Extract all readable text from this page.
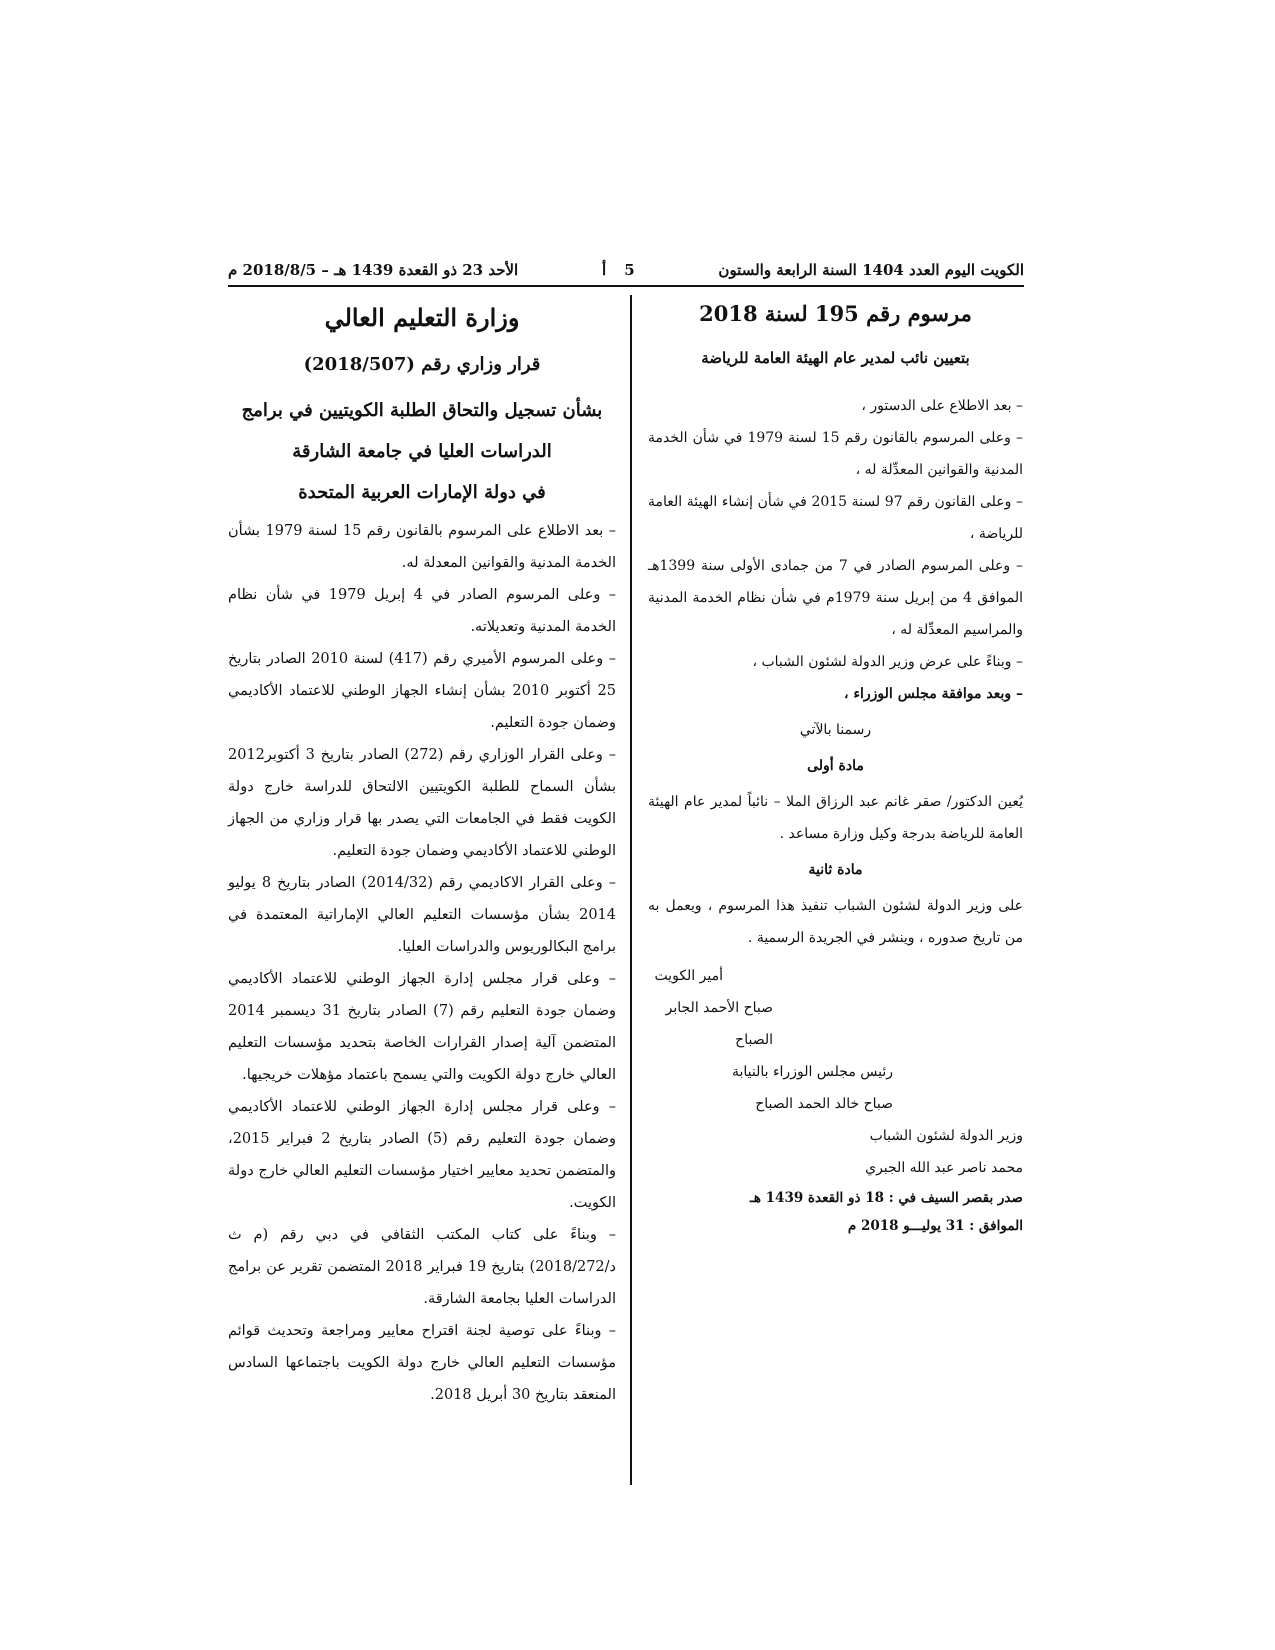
الكويت اليوم العدد 1404 السنة الرابعة والستون
5
أ
الأحد 23 ذو القعدة 1439 هـ – 2018/8/5 م

مرسوم رقم 195 لسنة 2018

بتعيين نائب لمدير عام الهيئة العامة للرياضة

– بعد الاطلاع على الدستور ،

– وعلى المرسوم بالقانون رقم 15 لسنة 1979 في شأن الخدمة المدنية والقوانين المعدِّلة له ،

– وعلى القانون رقم 97 لسنة 2015 في شأن إنشاء الهيئة العامة للرياضة ،

– وعلى المرسوم الصادر في 7 من جمادى الأولى سنة 1399هـ الموافق 4 من إبريل سنة 1979م في شأن نظام الخدمة المدنية والمراسيم المعدِّلة له ،

– وبناءً على عرض وزير الدولة لشئون الشباب ،

– وبعد موافقة مجلس الوزراء ،

رسمنا بالآتي

مادة أولى

يُعين الدكتور/ صقر غانم عبد الرزاق الملا – نائباً لمدير عام الهيئة العامة للرياضة بدرجة وكيل وزارة مساعد .

مادة ثانية

على وزير الدولة لشئون الشباب تنفيذ هذا المرسوم ، ويعمل به من تاريخ صدوره ، وينشر في الجريدة الرسمية .

أمير الكويت

صباح الأحمد الجابر الصباح

رئيس مجلس الوزراء بالنيابة

صباح خالد الحمد الصباح

وزير الدولة لشئون الشباب

محمد ناصر عبد الله الجبري

صدر بقصر السيف في : 18 ذو القعدة 1439 هـ

الموافق : 31 يوليـــو 2018 م

وزارة التعليم العالي

قرار وزاري رقم (2018/507)

بشأن تسجيل والتحاق الطلبة الكويتيين في برامج

الدراسات العليا في جامعة الشارقة

في دولة الإمارات العربية المتحدة

– بعد الاطلاع على المرسوم بالقانون رقم 15 لسنة 1979 بشأن الخدمة المدنية والقوانين المعدلة له.

– وعلى المرسوم الصادر في 4 إبريل 1979 في شأن نظام الخدمة المدنية وتعديلاته.

– وعلى المرسوم الأميري رقم (417) لسنة 2010 الصادر بتاريخ 25 أكتوبر 2010 بشأن إنشاء الجهاز الوطني للاعتماد الأكاديمي وضمان جودة التعليم.

– وعلى القرار الوزاري رقم (272) الصادر بتاريخ 3 أكتوبر2012 بشأن السماح للطلبة الكويتيين الالتحاق للدراسة خارج دولة الكويت فقط في الجامعات التي يصدر بها قرار وزاري من الجهاز الوطني للاعتماد الأكاديمي وضمان جودة التعليم.

– وعلى القرار الاكاديمي رقم (2014/32) الصادر بتاريخ 8 يوليو 2014 بشأن مؤسسات التعليم العالي الإماراتية المعتمدة في برامج البكالوريوس والدراسات العليا.

– وعلى قرار مجلس إدارة الجهاز الوطني للاعتماد الأكاديمي وضمان جودة التعليم رقم (7) الصادر بتاريخ 31 ديسمبر 2014 المتضمن آلية إصدار القرارات الخاصة بتحديد مؤسسات التعليم العالي خارج دولة الكويت والتي يسمح باعتماد مؤهلات خريجيها.

– وعلى قرار مجلس إدارة الجهاز الوطني للاعتماد الأكاديمي وضمان جودة التعليم رقم (5) الصادر بتاريخ 2 فبراير 2015، والمتضمن تحديد معايير اختيار مؤسسات التعليم العالي خارج دولة الكويت.

– وبناءً على كتاب المكتب الثقافي في دبي رقم (م ث د/2018/272) بتاريخ 19 فبراير 2018 المتضمن تقرير عن برامج الدراسات العليا بجامعة الشارقة.

– وبناءً على توصية لجنة اقتراح معايير ومراجعة وتحديث قوائم مؤسسات التعليم العالي خارج دولة الكويت باجتماعها السادس المنعقد بتاريخ 30 أبريل 2018.
